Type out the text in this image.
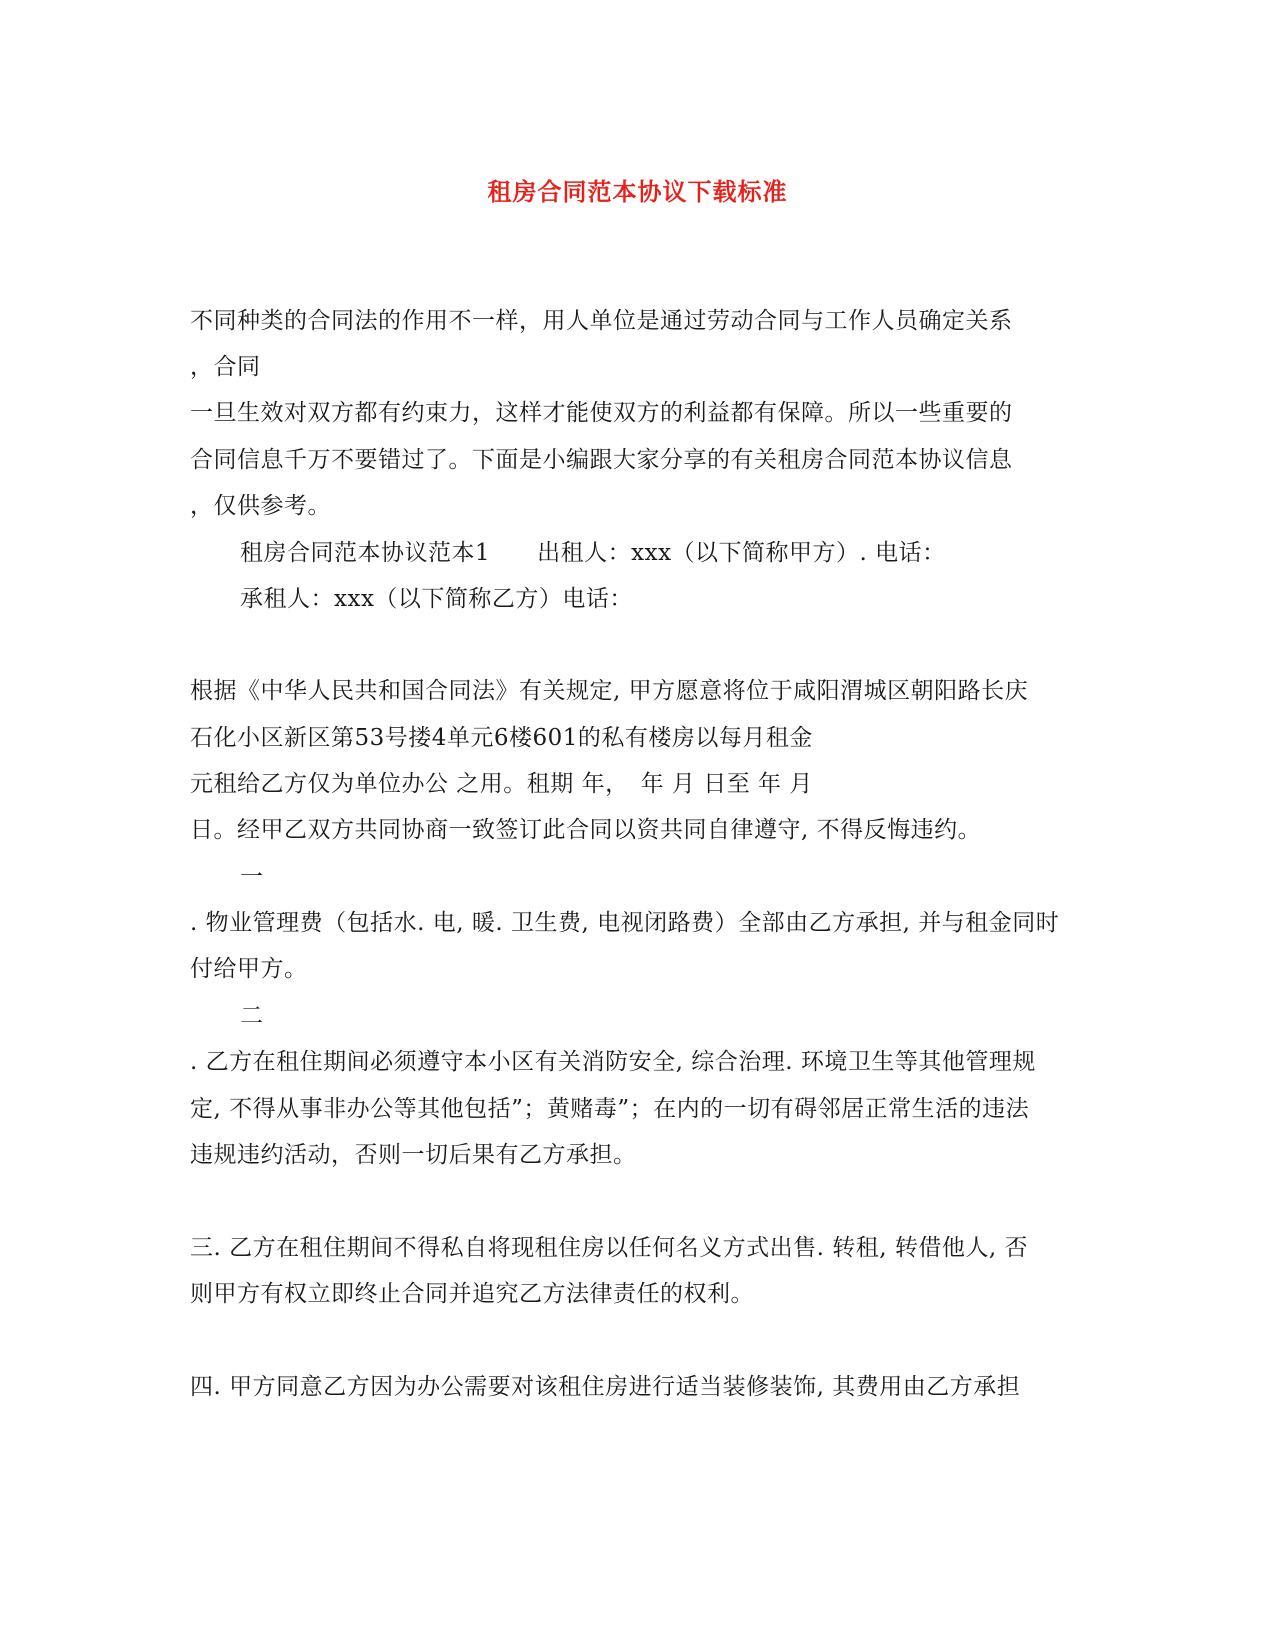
租房合同范本协议下载标准
不同种类的合同法的作用不一样，用人单位是通过劳动合同与工作人员确定关系
，合同
一旦生效对双方都有约束力，这样才能使双方的利益都有保障。所以一些重要的
合同信息千万不要错过了。下面是小编跟大家分享的有关租房合同范本协议信息
，仅供参考。
租房合同范本协议范本1　　出租人：xxx（以下简称甲方）. 电话：
承租人：xxx（以下简称乙方）电话：
根据《中华人民共和国合同法》有关规定, 甲方愿意将位于咸阳渭城区朝阳路长庆
石化小区新区第53号搂4单元6楼601的私有楼房以每月租金
元租给乙方仅为单位办公 之用。租期 年，　年 月 日至 年 月
日。经甲乙双方共同协商一致签订此合同以资共同自律遵守, 不得反悔违约。
一
. 物业管理费（包括水. 电, 暖. 卫生费, 电视闭路费）全部由乙方承担, 并与租金同时
付给甲方。
二
. 乙方在租住期间必须遵守本小区有关消防安全, 综合治理. 环境卫生等其他管理规
定, 不得从事非办公等其他包括”；黄赌毒”；在内的一切有碍邻居正常生活的违法
违规违约活动，否则一切后果有乙方承担。
三. 乙方在租住期间不得私自将现租住房以任何名义方式出售. 转租, 转借他人, 否
则甲方有权立即终止合同并追究乙方法律责任的权利。
四. 甲方同意乙方因为办公需要对该租住房进行适当装修装饰, 其费用由乙方承担
